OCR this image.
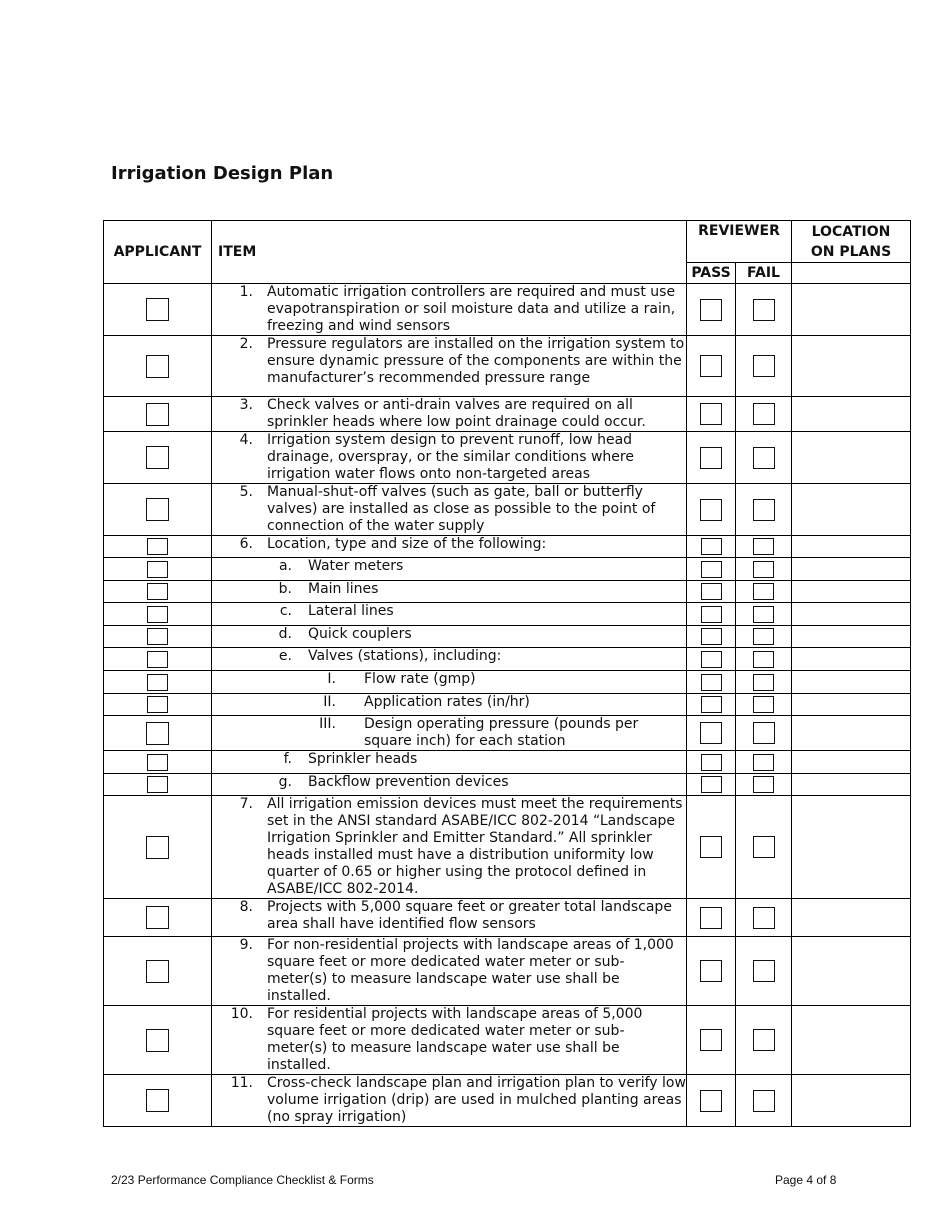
Irrigation Design Plan
APPLICANT	ITEM	REVIEWER		LOCATION
ON PLANS
		PASS	FAIL	

	1. Automatic irrigation controllers are required and must use evapotranspiration or soil moisture data and utilize a rain, freezing and wind sensors			

	2. Pressure regulators are installed on the irrigation system to ensure dynamic pressure of the components are within the manufacturer’s recommended pressure range			

	3. Check valves or anti-drain valves are required on all sprinkler heads where low point drainage could occur.			

	4. Irrigation system design to prevent runoff, low head drainage, overspray, or the similar conditions where irrigation water flows onto non-targeted areas			

	5. Manual-shut-off valves (such as gate, ball or butterfly valves) are installed as close as possible to the point of connection of the water supply			

	6. Location, type and size of the following:			

	a. Water meters			

	b. Main lines			

	c. Lateral lines			

	d. Quick couplers			

	e. Valves (stations), including:			

	I. Flow rate (gmp)			

	II. Application rates (in/hr)			

	III. Design operating pressure (pounds per square inch) for each station			

	f. Sprinkler heads			

	g. Backflow prevention devices			

	7. All irrigation emission devices must meet the requirements set in the ANSI standard ASABE/ICC 802-2014 “Landscape Irrigation Sprinkler and Emitter Standard.” All sprinkler heads installed must have a distribution uniformity low quarter of 0.65 or higher using the protocol defined in ASABE/ICC 802-2014.			

	8. Projects with 5,000 square feet or greater total landscape area shall have identified flow sensors			

	9. For non-residential projects with landscape areas of 1,000 square feet or more dedicated water meter or sub- meter(s) to measure landscape water use shall be installed.			

	10. For residential projects with landscape areas of 5,000 square feet or more dedicated water meter or sub- meter(s) to measure landscape water use shall be installed.			

	11. Cross-check landscape plan and irrigation plan to verify low volume irrigation (drip) are used in mulched planting areas (no spray irrigation)			

2/23 Performance Compliance Checklist & Forms	Page 4 of 8
